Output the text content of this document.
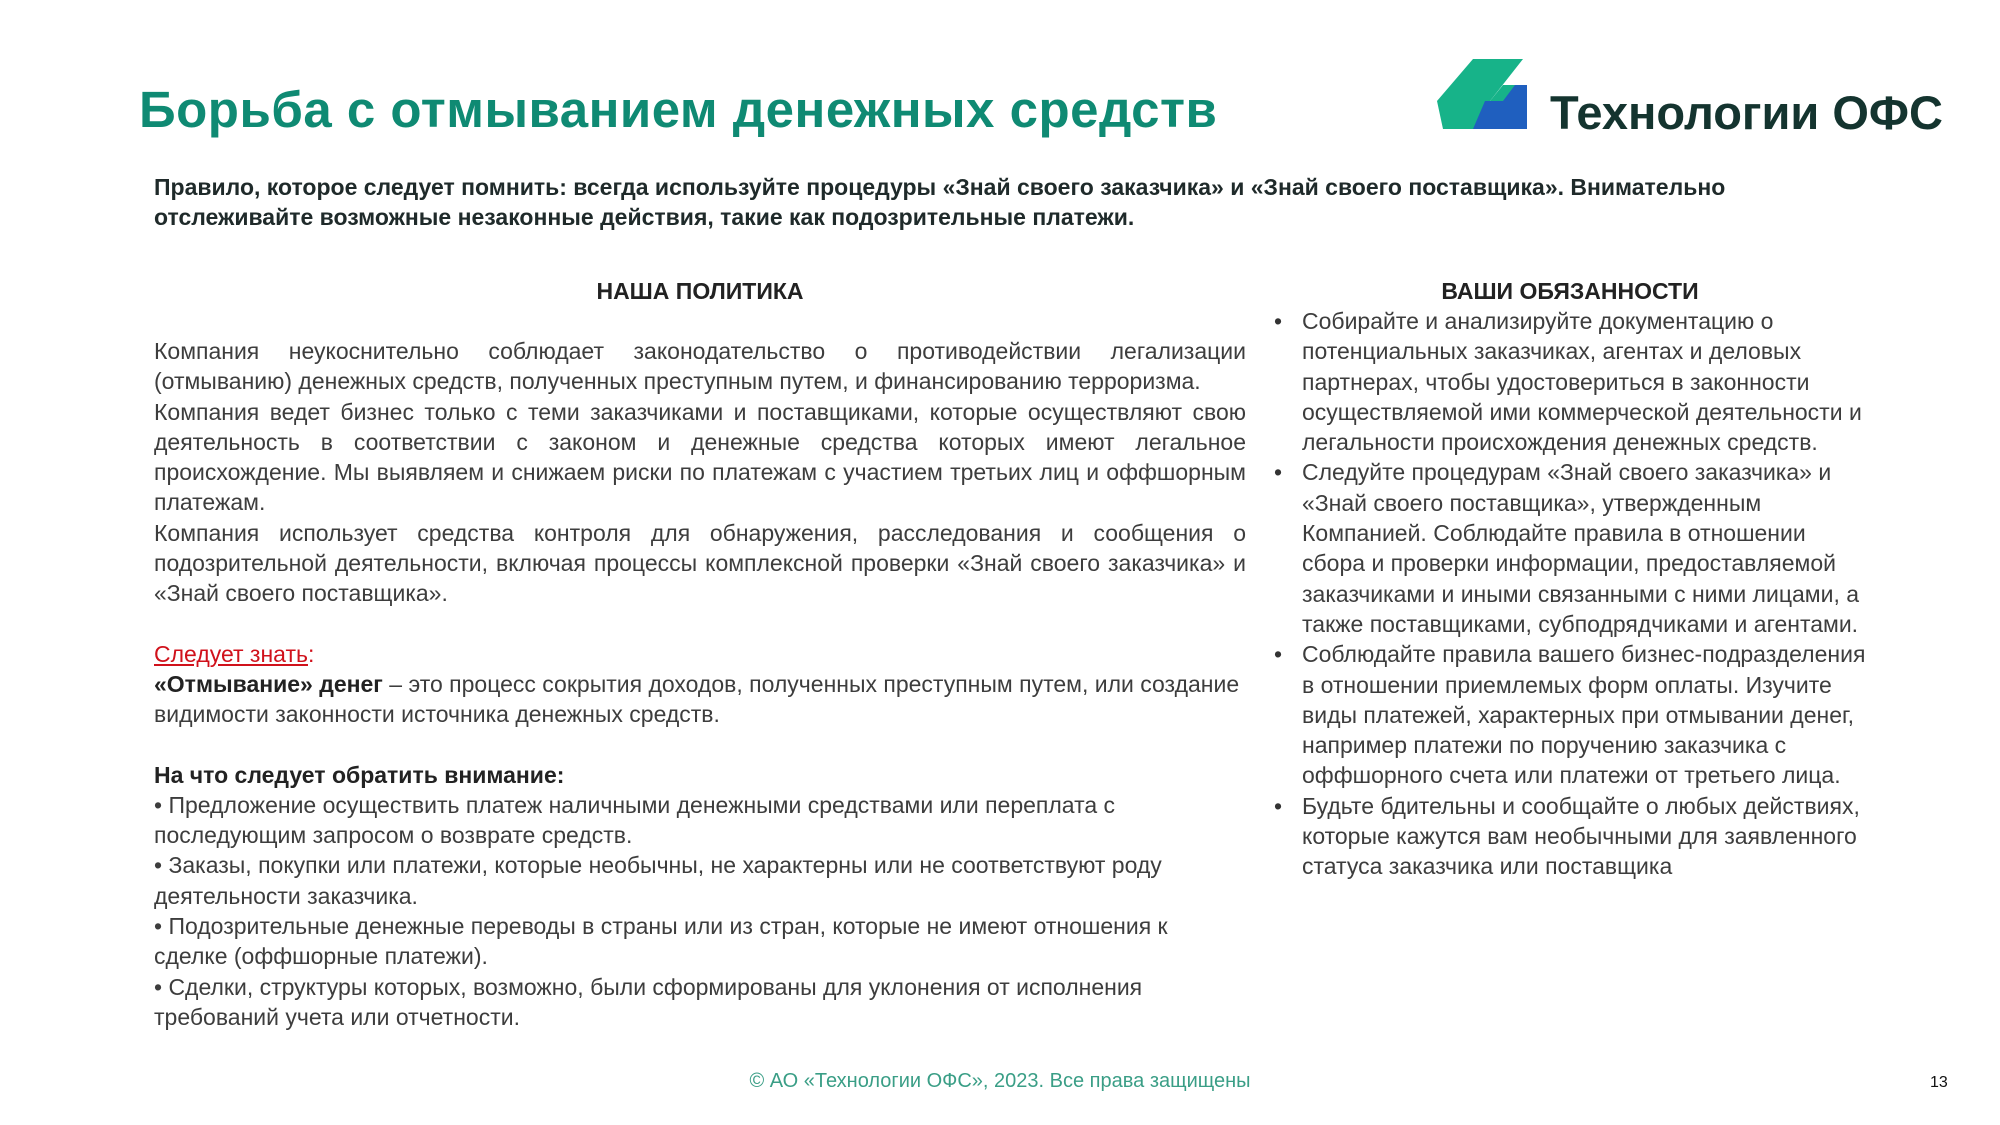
Борьба с отмыванием денежных средств	Технологии ОФС

Правило, которое следует помнить: всегда используйте процедуры «Знай своего заказчика» и «Знай своего поставщика». Внимательно отслеживайте возможные незаконные действия, такие как подозрительные платежи.

НАША ПОЛИТИКА

Компания неукоснительно соблюдает законодательство о противодействии легализации (отмыванию) денежных средств, полученных преступным путем, и финансированию терроризма.

Компания ведет бизнес только с теми заказчиками и поставщиками, которые осуществляют свою деятельность в соответствии с законом и денежные средства которых имеют легальное происхождение. Мы выявляем и снижаем риски по платежам с участием третьих лиц и оффшорным платежам.

Компания использует средства контроля для обнаружения, расследования и сообщения о подозрительной деятельности, включая процессы комплексной проверки «Знай своего заказчика» и «Знай своего поставщика».

Следует знать:

«Отмывание» денег – это процесс сокрытия доходов, полученных преступным путем, или создание видимости законности источника денежных средств.

На что следует обратить внимание:

• Предложение осуществить платеж наличными денежными средствами или переплата с последующим запросом о возврате средств.

• Заказы, покупки или платежи, которые необычны, не характерны или не соответствуют роду деятельности заказчика.

• Подозрительные денежные переводы в страны или из стран, которые не имеют отношения к сделке (оффшорные платежи).

• Сделки, структуры которых, возможно, были сформированы для уклонения от исполнения требований учета или отчетности.

ВАШИ ОБЯЗАННОСТИ

• Собирайте и анализируйте документацию о потенциальных заказчиках, агентах и деловых партнерах, чтобы удостовериться в законности осуществляемой ими коммерческой деятельности и легальности происхождения денежных средств.
• Следуйте процедурам «Знай своего заказчика» и «Знай своего поставщика», утвержденным Компанией. Соблюдайте правила в отношении сбора и проверки информации, предоставляемой заказчиками и иными связанными с ними лицами, а также поставщиками, субподрядчиками и агентами.
• Соблюдайте правила вашего бизнес-подразделения в отношении приемлемых форм оплаты. Изучите виды платежей, характерных при отмывании денег, например платежи по поручению заказчика с оффшорного счета или платежи от третьего лица.
• Будьте бдительны и сообщайте о любых действиях, которые кажутся вам необычными для заявленного статуса заказчика или поставщика

© АО «Технологии ОФС», 2023. Все права защищены	13
